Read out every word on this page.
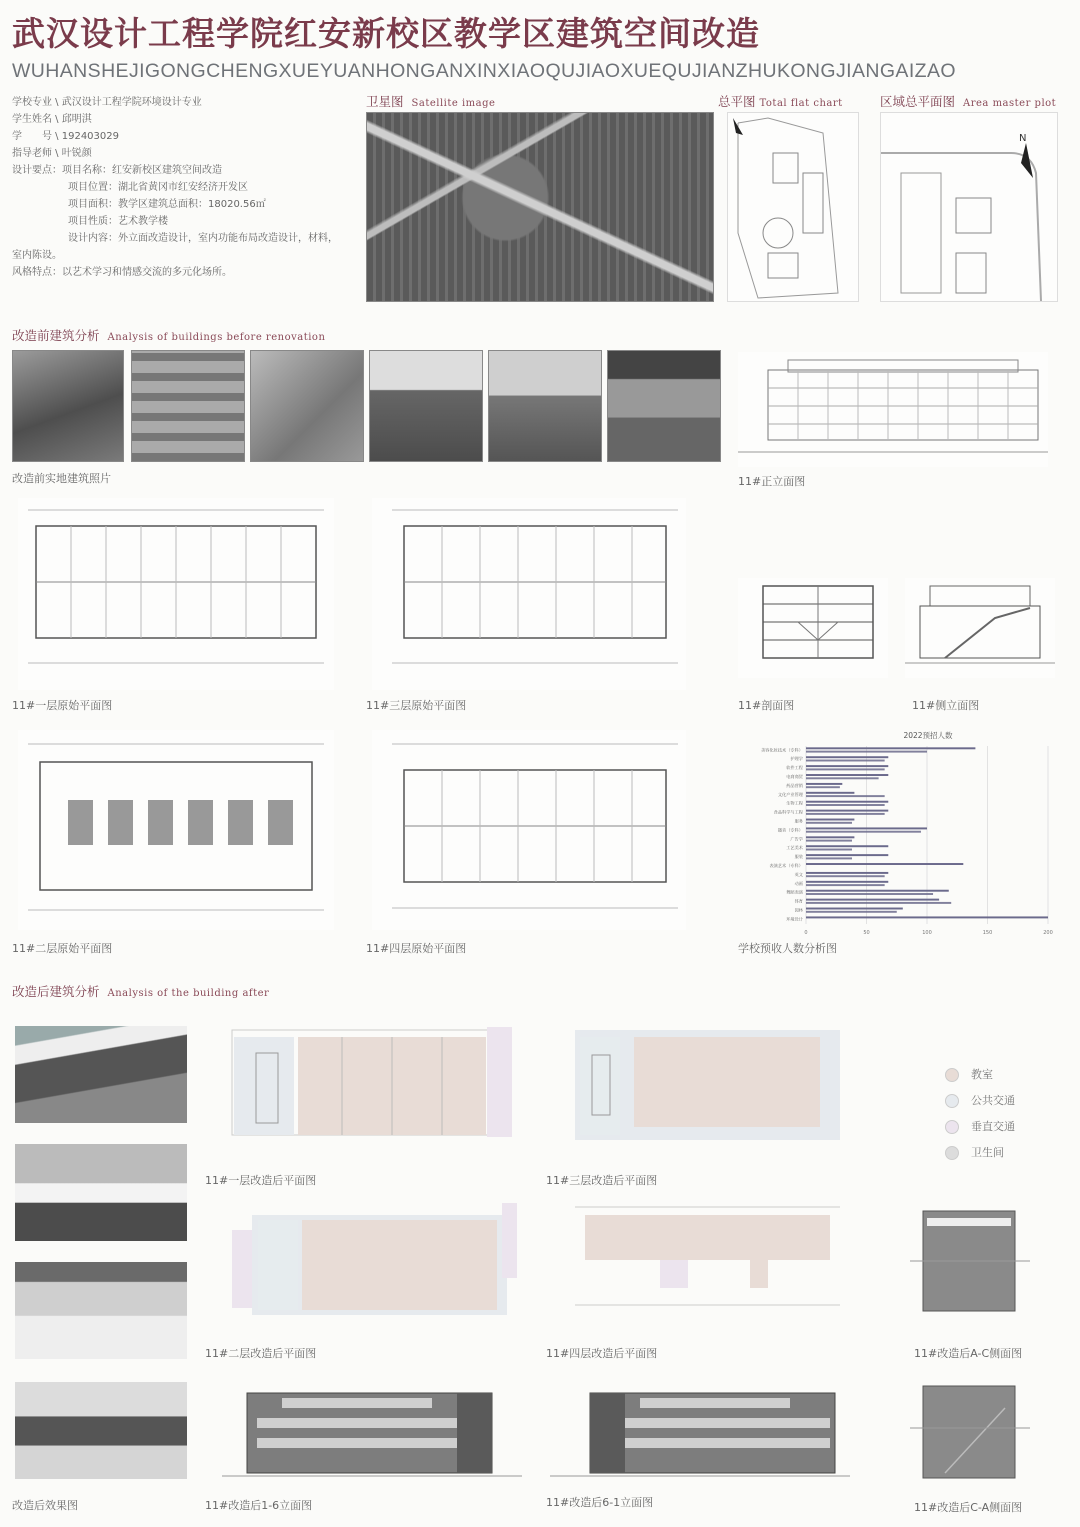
武汉设计工程学院红安新校区教学区建筑空间改造
WUHANSHEJIGONGCHENGXUEYUANHONGANXINXIAOQUJIAOXUEQUJIANZHUKONGJIANGAIZAO
学校专业 \ 武汉设计工程学院环境设计专业
学生姓名 \ 邱明淇
学　　号 \ 192403029
指导老师 \ 叶锐颜
设计要点：项目名称：红安新校区建筑空间改造
项目位置：湖北省黄冈市红安经济开发区
项目面积：教学区建筑总面积：18020.56㎡
项目性质：艺术教学楼
设计内容：外立面改造设计，室内功能布局改造设计，材料，
室内陈设。
风格特点：以艺术学习和情感交流的多元化场所。
卫星图 Satellite image	总平图 Total flat chart	区域总平面图 Area master plot
N
改造前建筑分析 Analysis of buildings before renovation
改造前实地建筑照片	11#正立面图
11#一层原始平面图	11#三层原始平面图	11#剖面图	11#侧立面图
11#二层原始平面图	11#四层原始平面图
2022预招人数
美容化妆技术（专科）
护理学
软件工程
电商商贸
药品营销
文化产业管理
生物工程
食品科学与工程
服务
播音（专科）
广告学
工艺美术
服装
表演艺术（专科）
英文
动画
舞蹈表演
体育
园林
环境设计
0	50	100	150	200
学校预收人数分析图
改造后建筑分析 Analysis of the building after
改造后效果图
11#一层改造后平面图	11#三层改造后平面图
教室
公共交通
垂直交通
卫生间
11#二层改造后平面图	11#四层改造后平面图	11#改造后A-C侧面图
11#改造后1-6立面图	11#改造后6-1立面图	11#改造后C-A侧面图
